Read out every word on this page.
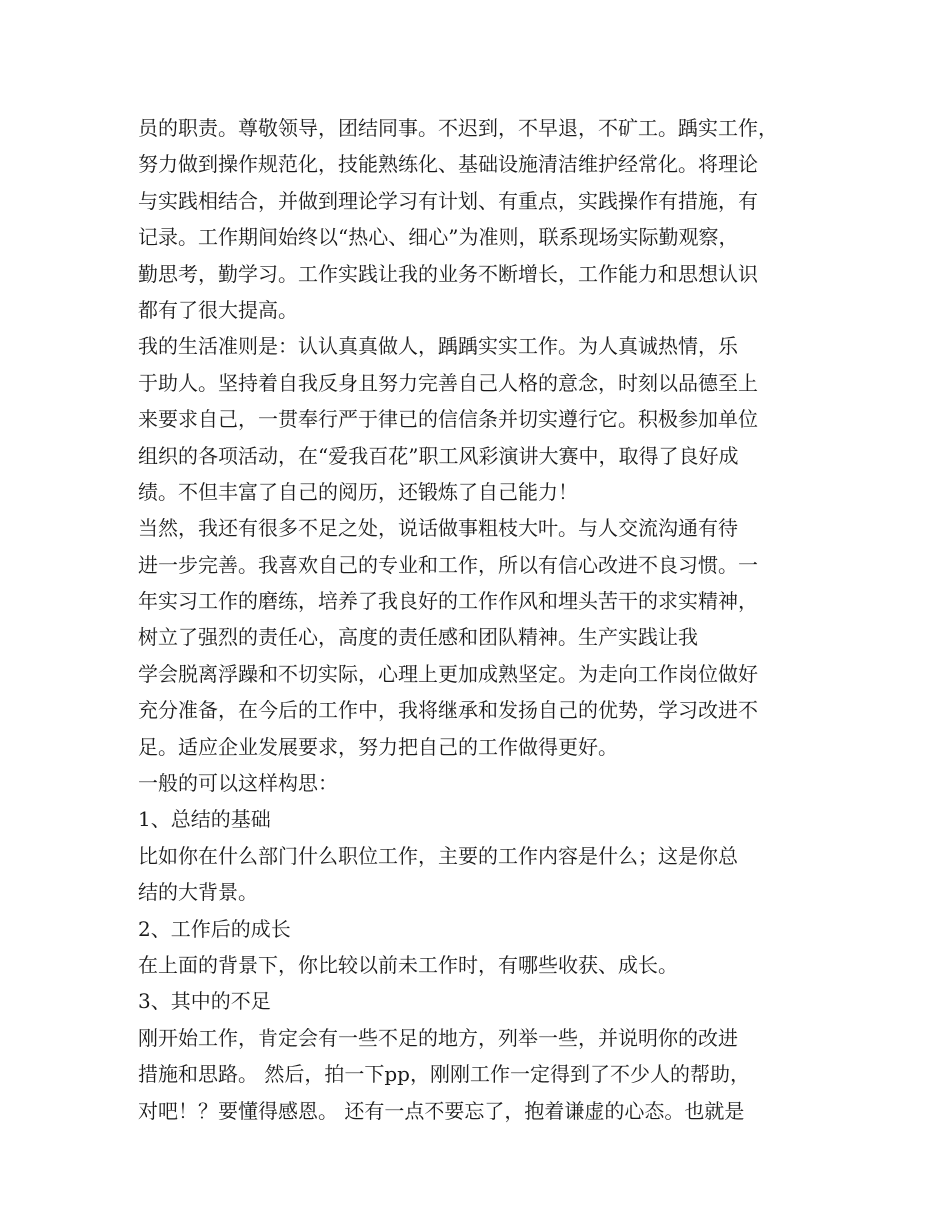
员的职责。尊敬领导，团结同事。不迟到，不早退，不矿工。踽实工作，
努力做到操作规范化，技能熟练化、基础设施清洁维护经常化。将理论
与实践相结合，并做到理论学习有计划、有重点，实践操作有措施，有
记录。工作期间始终以“热心、细心”为准则，联系现场实际勤观察，
勤思考，勤学习。工作实践让我的业务不断增长，工作能力和思想认识
都有了很大提高。
我的生活准则是：认认真真做人，踽踽实实工作。为人真诚热情，乐
于助人。坚持着自我反身且努力完善自己人格的意念，时刻以品德至上
来要求自己，一贯奉行严于律已的信信条并切实遵行它。积极参加单位
组织的各项活动，在“爱我百花”职工风彩演讲大赛中，取得了良好成
绩。不但丰富了自己的阅历，还锻炼了自己能力！
当然，我还有很多不足之处，说话做事粗枝大叶。与人交流沟通有待
进一步完善。我喜欢自己的专业和工作，所以有信心改进不良习惯。一
年实习工作的磨练，培养了我良好的工作作风和埋头苦干的求实精神，
树立了强烈的责任心，高度的责任感和团队精神。生产实践让我
学会脱离浮躁和不切实际，心理上更加成熟坚定。为走向工作岗位做好
充分准备，在今后的工作中，我将继承和发扬自己的优势，学习改进不
足。适应企业发展要求，努力把自己的工作做得更好。
一般的可以这样构思：
1、总结的基础
比如你在什么部门什么职位工作，主要的工作内容是什么；这是你总
结的大背景。
2、工作后的成长
在上面的背景下，你比较以前未工作时，有哪些收获、成长。
3、其中的不足
刚开始工作，肯定会有一些不足的地方，列举一些，并说明你的改进
措施和思路。 然后，拍一下pp，刚刚工作一定得到了不少人的帮助，
对吧！？要懂得感恩。 还有一点不要忘了，抱着谦虚的心态。也就是
